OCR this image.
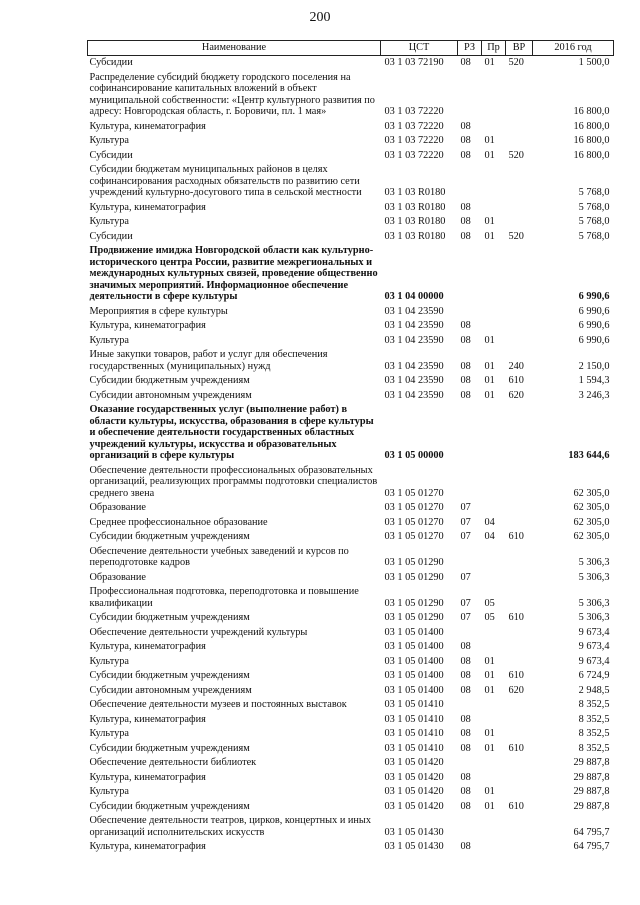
200
Наименование	ЦСТ	РЗ	Пр	ВР	2016 год
Субсидии	03 1 03 72190	08	01	520	1 500,0
Распределение субсидий бюджету городского поселения на софинансирование капитальных вложений в объект муниципальной собственности: «Центр культурного развития по адресу: Новгородская область, г. Боровичи, пл. 1 мая»	03 1 03 72220				16 800,0
Культура, кинематография	03 1 03 72220	08			16 800,0
Культура	03 1 03 72220	08	01		16 800,0
Субсидии	03 1 03 72220	08	01	520	16 800,0
Субсидии бюджетам муниципальных районов в целях софинансирования расходных обязательств по развитию сети учреждений культурно-досугового типа в сельской местности	03 1 03 R0180				5 768,0
Культура, кинематография	03 1 03 R0180	08			5 768,0
Культура	03 1 03 R0180	08	01		5 768,0
Субсидии	03 1 03 R0180	08	01	520	5 768,0
Продвижение имиджа Новгородской области как культурно-исторического центра России, развитие межрегиональных и международных культурных связей, проведение общественно значимых мероприятий. Информационное обеспечение деятельности в сфере культуры	03 1 04 00000				6 990,6
Мероприятия в сфере культуры	03 1 04 23590				6 990,6
Культура, кинематография	03 1 04 23590	08			6 990,6
Культура	03 1 04 23590	08	01		6 990,6
Иные закупки товаров, работ и услуг для обеспечения государственных (муниципальных) нужд	03 1 04 23590	08	01	240	2 150,0
Субсидии бюджетным учреждениям	03 1 04 23590	08	01	610	1 594,3
Субсидии автономным учреждениям	03 1 04 23590	08	01	620	3 246,3
Оказание государственных услуг (выполнение работ) в области культуры, искусства, образования в сфере культуры и обеспечение деятельности государственных областных учреждений культуры, искусства и образовательных организаций в сфере культуры	03 1 05 00000				183 644,6
Обеспечение деятельности профессиональных образовательных организаций, реализующих программы подготовки специалистов среднего звена	03 1 05 01270				62 305,0
Образование	03 1 05 01270	07			62 305,0
Среднее профессиональное образование	03 1 05 01270	07	04		62 305,0
Субсидии бюджетным учреждениям	03 1 05 01270	07	04	610	62 305,0
Обеспечение деятельности учебных заведений и курсов по переподготовке кадров	03 1 05 01290				5 306,3
Образование	03 1 05 01290	07			5 306,3
Профессиональная подготовка, переподготовка и повышение квалификации	03 1 05 01290	07	05		5 306,3
Субсидии бюджетным учреждениям	03 1 05 01290	07	05	610	5 306,3
Обеспечение деятельности учреждений культуры	03 1 05 01400				9 673,4
Культура, кинематография	03 1 05 01400	08			9 673,4
Культура	03 1 05 01400	08	01		9 673,4
Субсидии бюджетным учреждениям	03 1 05 01400	08	01	610	6 724,9
Субсидии автономным учреждениям	03 1 05 01400	08	01	620	2 948,5
Обеспечение деятельности музеев и постоянных выставок	03 1 05 01410				8 352,5
Культура, кинематография	03 1 05 01410	08			8 352,5
Культура	03 1 05 01410	08	01		8 352,5
Субсидии бюджетным учреждениям	03 1 05 01410	08	01	610	8 352,5
Обеспечение деятельности библиотек	03 1 05 01420				29 887,8
Культура, кинематография	03 1 05 01420	08			29 887,8
Культура	03 1 05 01420	08	01		29 887,8
Субсидии бюджетным учреждениям	03 1 05 01420	08	01	610	29 887,8
Обеспечение деятельности театров, цирков, концертных и иных организаций исполнительских искусств	03 1 05 01430				64 795,7
Культура, кинематография	03 1 05 01430	08			64 795,7
